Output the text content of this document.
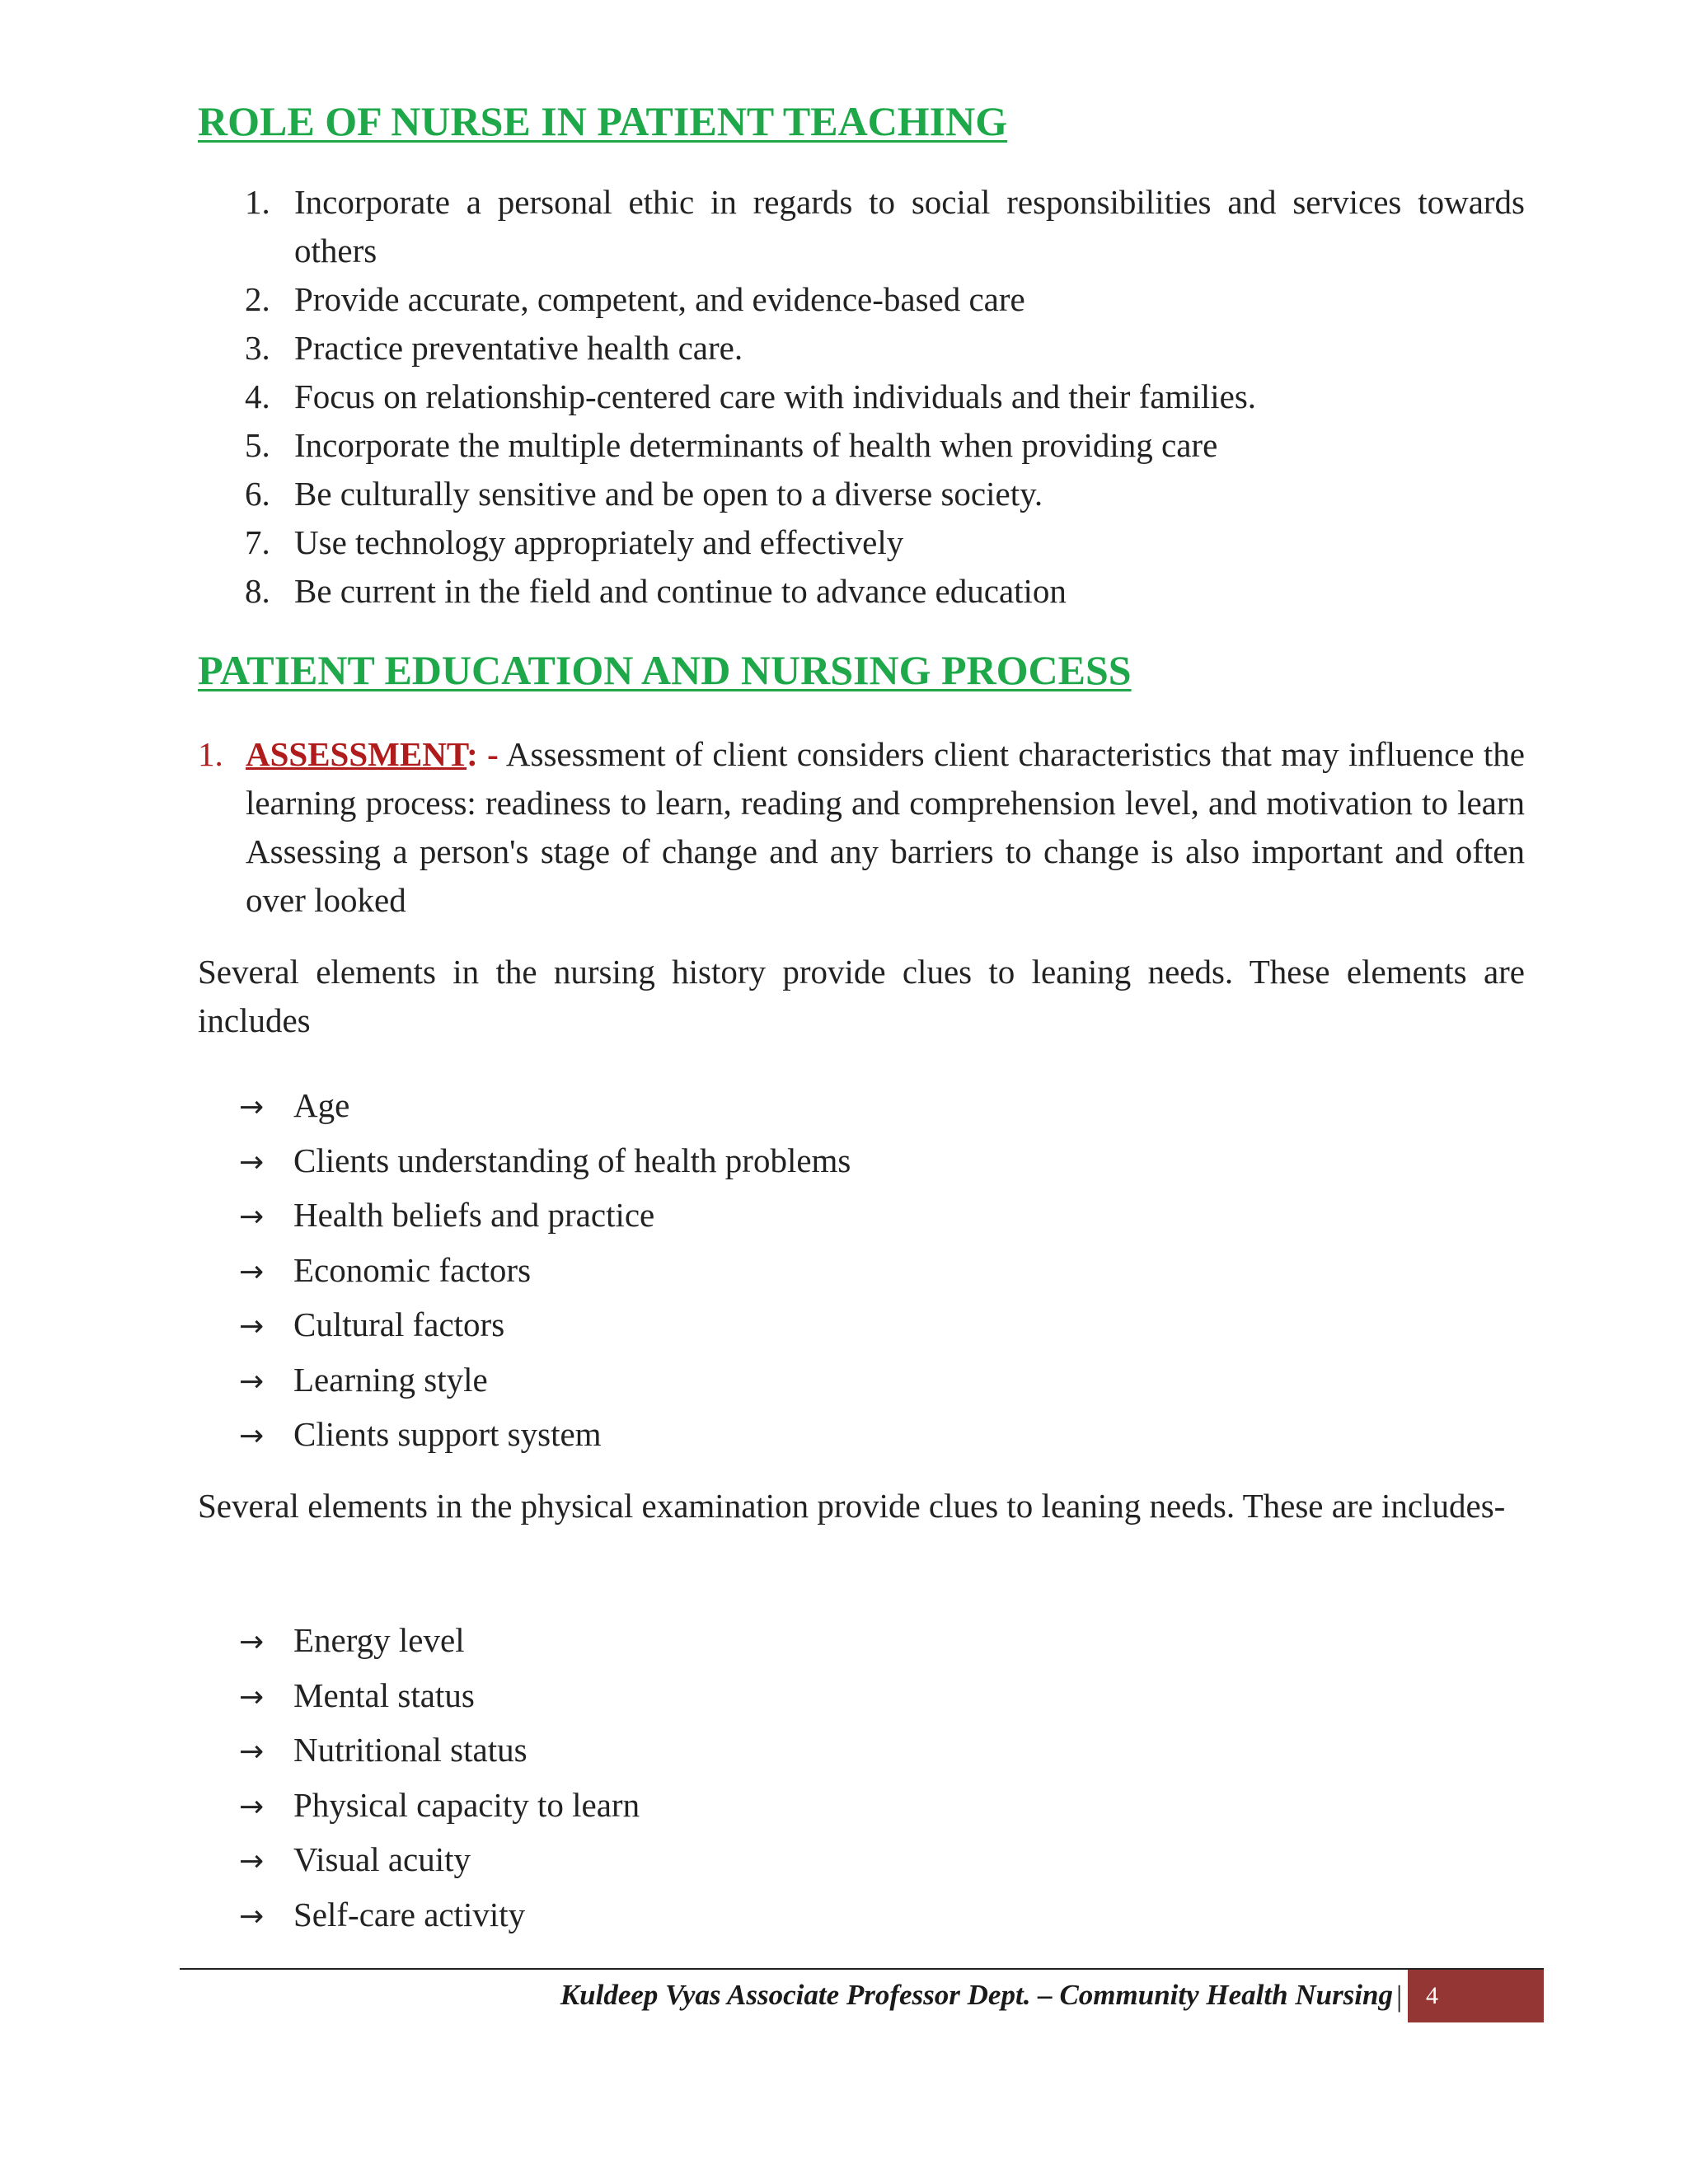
ROLE OF NURSE IN PATIENT TEACHING
1. Incorporate a personal ethic in regards to social responsibilities and services towards others
2. Provide accurate, competent, and evidence-based care
3. Practice preventative health care.
4. Focus on relationship-centered care with individuals and their families.
5. Incorporate the multiple determinants of health when providing care
6. Be culturally sensitive and be open to a diverse society.
7. Use technology appropriately and effectively
8. Be current in the field and continue to advance education
PATIENT EDUCATION AND NURSING PROCESS
1. ASSESSMENT: - Assessment of client considers client characteristics that may influence the learning process: readiness to learn, reading and comprehension level, and motivation to learn Assessing a person's stage of change and any barriers to change is also important and often over looked

Several elements in the nursing history provide clues to leaning needs. These elements are includes

→ Age
→ Clients understanding of health problems
→ Health beliefs and practice
→ Economic factors
→ Cultural factors
→ Learning style
→ Clients support system

Several elements in the physical examination provide clues to leaning needs. These are includes-

→ Energy level
→ Mental status
→ Nutritional status
→ Physical capacity to learn
→ Visual acuity
→ Self-care activity
Kuldeep Vyas Associate Professor Dept. – Community Health Nursing | 4
